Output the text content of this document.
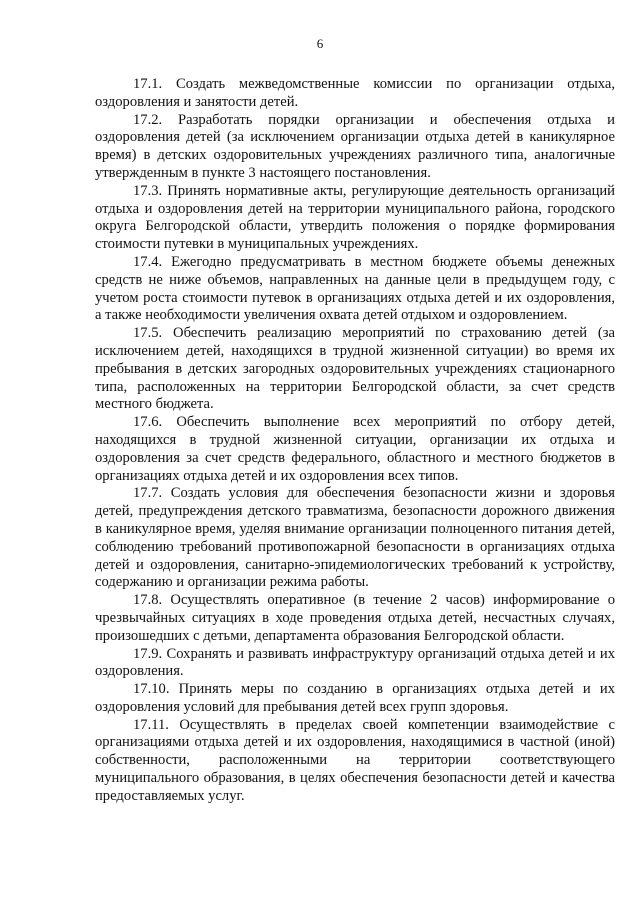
6

17.1. Создать межведомственные комиссии по организации отдыха, оздоровления и занятости детей.

17.2. Разработать порядки организации и обеспечения отдыха и оздоровления детей (за исключением организации отдыха детей в каникулярное время) в детских оздоровительных учреждениях различного типа, аналогичные утвержденным в пункте 3 настоящего постановления.

17.3. Принять нормативные акты, регулирующие деятельность организаций отдыха и оздоровления детей на территории муниципального района, городского округа Белгородской области, утвердить положения о порядке формирования стоимости путевки в муниципальных учреждениях.

17.4. Ежегодно предусматривать в местном бюджете объемы денежных средств не ниже объемов, направленных на данные цели в предыдущем году, с учетом роста стоимости путевок в организациях отдыха детей и их оздоровления, а также необходимости увеличения охвата детей отдыхом и оздоровлением.

17.5. Обеспечить реализацию мероприятий по страхованию детей (за исключением детей, находящихся в трудной жизненной ситуации) во время их пребывания в детских загородных оздоровительных учреждениях стационарного типа, расположенных на территории Белгородской области, за счет средств местного бюджета.

17.6. Обеспечить выполнение всех мероприятий по отбору детей, находящихся в трудной жизненной ситуации, организации их отдыха и оздоровления за счет средств федерального, областного и местного бюджетов в организациях отдыха детей и их оздоровления всех типов.

17.7. Создать условия для обеспечения безопасности жизни и здоровья детей, предупреждения детского травматизма, безопасности дорожного движения в каникулярное время, уделяя внимание организации полноценного питания детей, соблюдению требований противопожарной безопасности в организациях отдыха детей и оздоровления, санитарно-эпидемиологических требований к устройству, содержанию и организации режима работы.

17.8. Осуществлять оперативное (в течение 2 часов) информирование о чрезвычайных ситуациях в ходе проведения отдыха детей, несчастных случаях, произошедших с детьми, департамента образования Белгородской области.

17.9. Сохранять и развивать инфраструктуру организаций отдыха детей и их оздоровления.

17.10. Принять меры по созданию в организациях отдыха детей и их оздоровления условий для пребывания детей всех групп здоровья.

17.11. Осуществлять в пределах своей компетенции взаимодействие с организациями отдыха детей и их оздоровления, находящимися в частной (иной) собственности, расположенными на территории соответствующего муниципального образования, в целях обеспечения безопасности детей и качества предоставляемых услуг.
